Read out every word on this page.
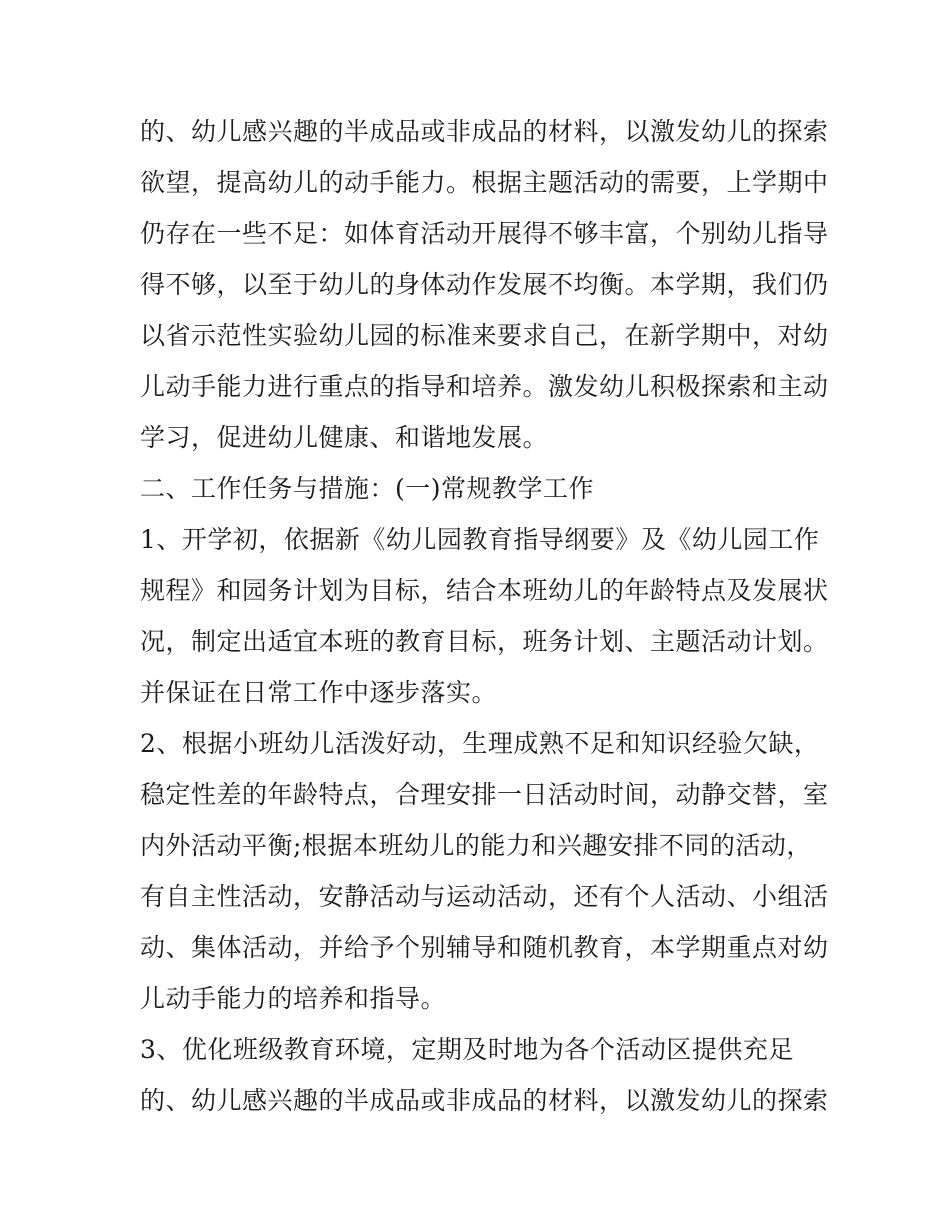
的、幼儿感兴趣的半成品或非成品的材料，以激发幼儿的探索
欲望，提高幼儿的动手能力。根据主题活动的需要，上学期中
仍存在一些不足：如体育活动开展得不够丰富，个别幼儿指导
得不够，以至于幼儿的身体动作发展不均衡。本学期，我们仍
以省示范性实验幼儿园的标准来要求自己，在新学期中，对幼
儿动手能力进行重点的指导和培养。激发幼儿积极探索和主动
学习，促进幼儿健康、和谐地发展。
二、工作任务与措施：(一)常规教学工作
1、开学初，依据新《幼儿园教育指导纲要》及《幼儿园工作
规程》和园务计划为目标，结合本班幼儿的年龄特点及发展状
况，制定出适宜本班的教育目标，班务计划、主题活动计划。
并保证在日常工作中逐步落实。
2、根据小班幼儿活泼好动，生理成熟不足和知识经验欠缺，
稳定性差的年龄特点，合理安排一日活动时间，动静交替，室
内外活动平衡;根据本班幼儿的能力和兴趣安排不同的活动，
有自主性活动，安静活动与运动活动，还有个人活动、小组活
动、集体活动，并给予个别辅导和随机教育，本学期重点对幼
儿动手能力的培养和指导。
3、优化班级教育环境，定期及时地为各个活动区提供充足
的、幼儿感兴趣的半成品或非成品的材料，以激发幼儿的探索
